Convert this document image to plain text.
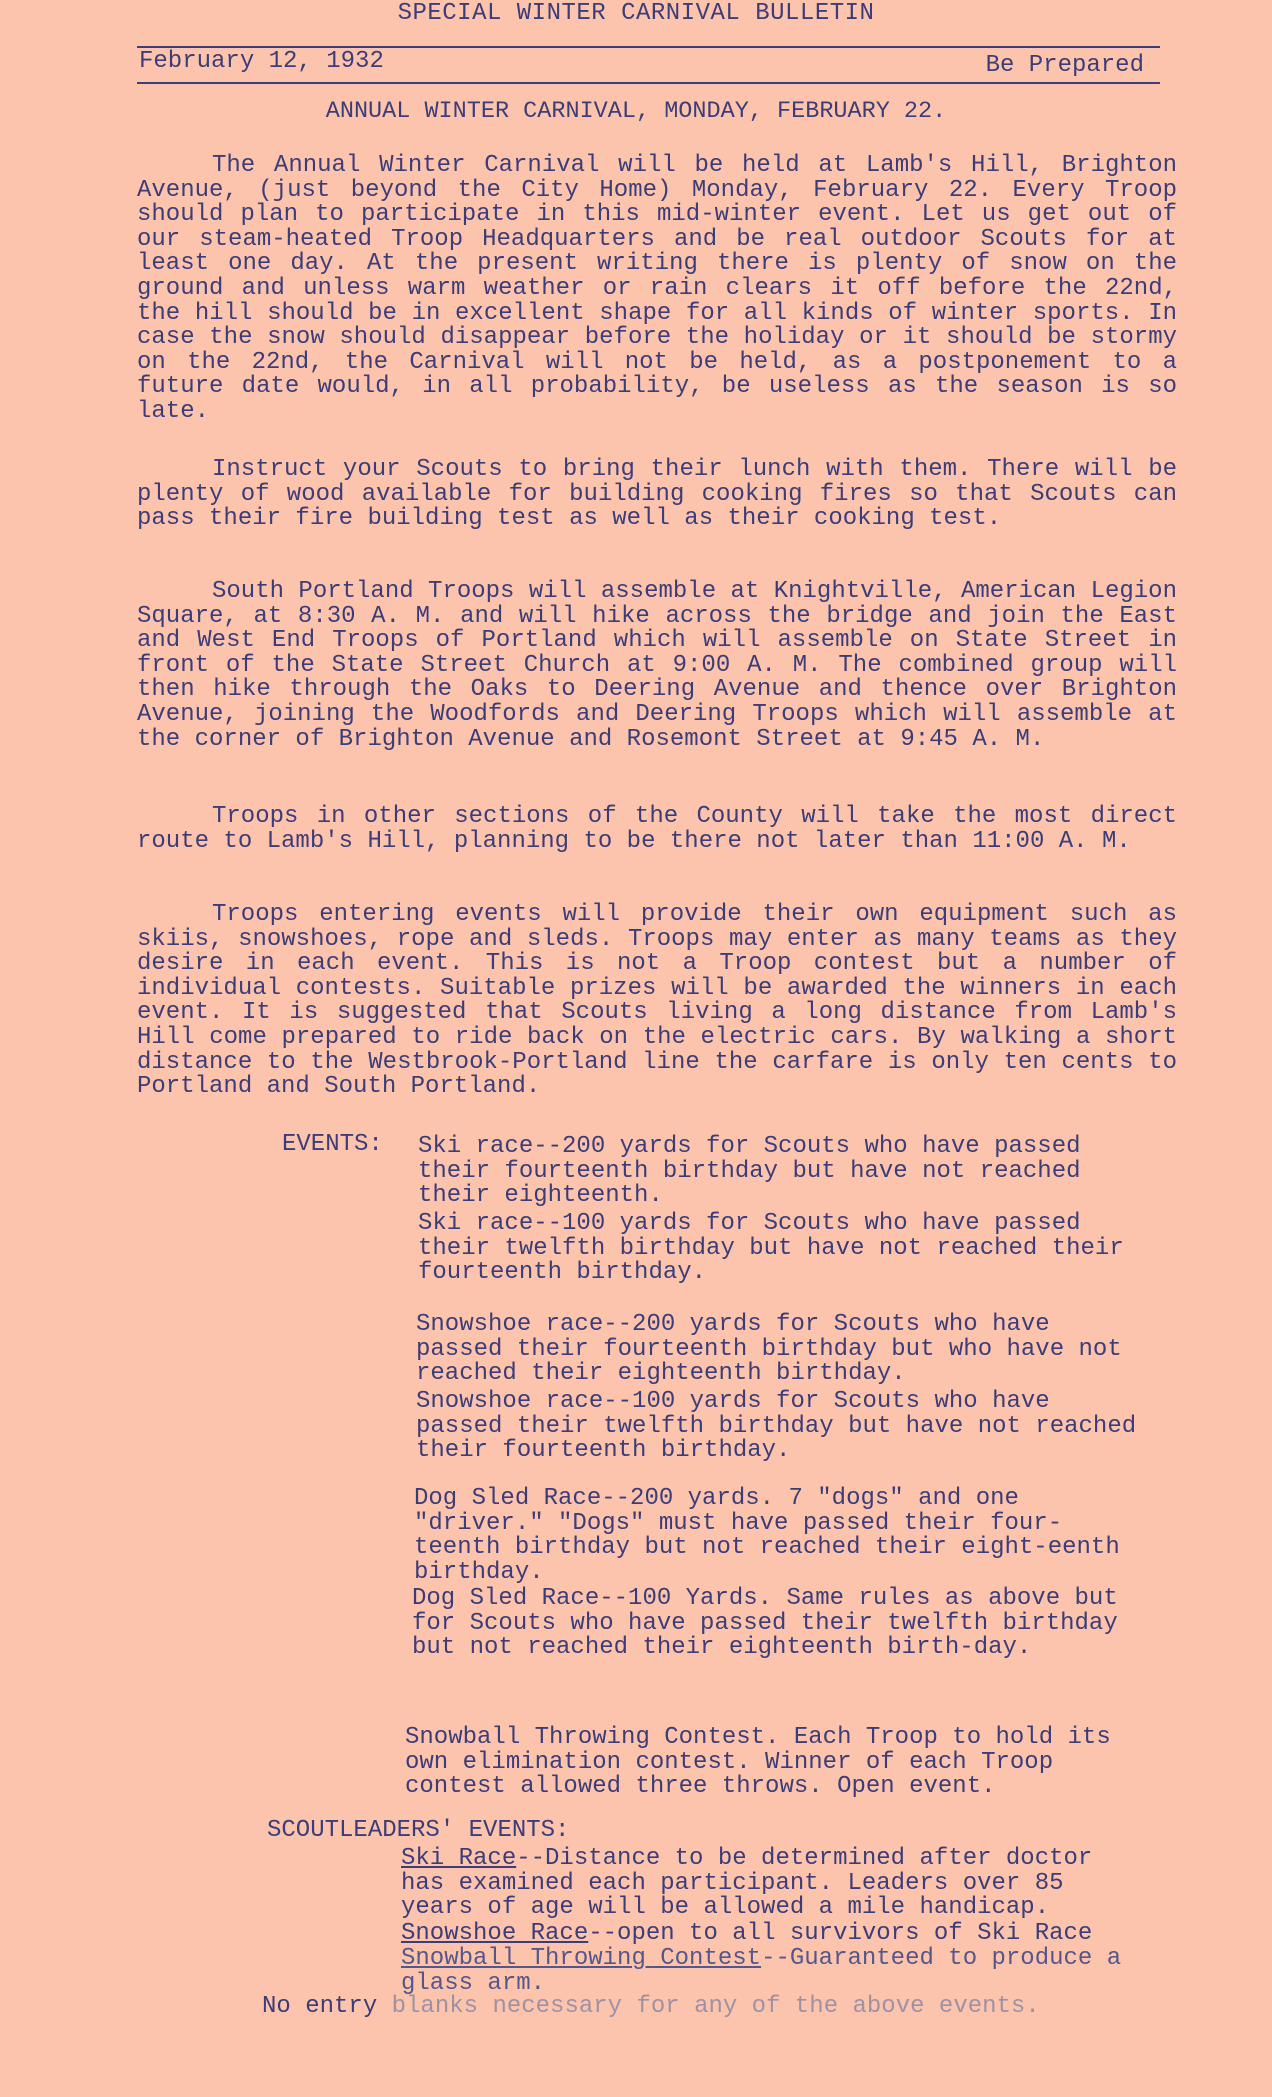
SPECIAL WINTER CARNIVAL BULLETIN
February 12, 1932	Be Prepared
ANNUAL WINTER CARNIVAL, MONDAY, FEBRUARY 22.

The Annual Winter Carnival will be held at Lamb's Hill, Brighton Avenue, (just beyond the City Home) Monday, February 22. Every Troop should plan to participate in this mid-winter event. Let us get out of our steam-heated Troop Headquarters and be real outdoor Scouts for at least one day. At the present writing there is plenty of snow on the ground and unless warm weather or rain clears it off before the 22nd, the hill should be in excellent shape for all kinds of winter sports. In case the snow should disappear before the holiday or it should be stormy on the 22nd, the Carnival will not be held, as a postponement to a future date would, in all probability, be useless as the season is so late.

Instruct your Scouts to bring their lunch with them. There will be plenty of wood available for building cooking fires so that Scouts can pass their fire building test as well as their cooking test.

South Portland Troops will assemble at Knightville, American Legion Square, at 8:30 A. M. and will hike across the bridge and join the East and West End Troops of Portland which will assemble on State Street in front of the State Street Church at 9:00 A. M. The combined group will then hike through the Oaks to Deering Avenue and thence over Brighton Avenue, joining the Woodfords and Deering Troops which will assemble at the corner of Brighton Avenue and Rosemont Street at 9:45 A. M.

Troops in other sections of the County will take the most direct route to Lamb's Hill, planning to be there not later than 11:00 A. M.

Troops entering events will provide their own equipment such as skiis, snowshoes, rope and sleds. Troops may enter as many teams as they desire in each event. This is not a Troop contest but a number of individual contests. Suitable prizes will be awarded the winners in each event. It is suggested that Scouts living a long distance from Lamb's Hill come prepared to ride back on the electric cars. By walking a short distance to the Westbrook-Portland line the carfare is only ten cents to Portland and South Portland.

EVENTS: Ski race--200 yards for Scouts who have passed their fourteenth birthday but have not reached their eighteenth.

Ski race--100 yards for Scouts who have passed their twelfth birthday but have not reached their fourteenth birthday.

Snowshoe race--200 yards for Scouts who have passed their fourteenth birthday but who have not reached their eighteenth birthday.

Snowshoe race--100 yards for Scouts who have passed their twelfth birthday but have not reached their fourteenth birthday.

Dog Sled Race--200 yards. 7 "dogs" and one "driver." "Dogs" must have passed their four-teenth birthday but not reached their eight-eenth birthday.

Dog Sled Race--100 Yards. Same rules as above but for Scouts who have passed their twelfth birthday but not reached their eighteenth birth-day.

Snowball Throwing Contest. Each Troop to hold its own elimination contest. Winner of each Troop contest allowed three throws. Open event.

SCOUTLEADERS' EVENTS:

Ski Race--Distance to be determined after doctor has examined each participant. Leaders over 85 years of age will be allowed a mile handicap.

Snowshoe Race--open to all survivors of Ski Race

Snowball Throwing Contest--Guaranteed to produce a glass arm.

No entry blanks necessary for any of the above events.
